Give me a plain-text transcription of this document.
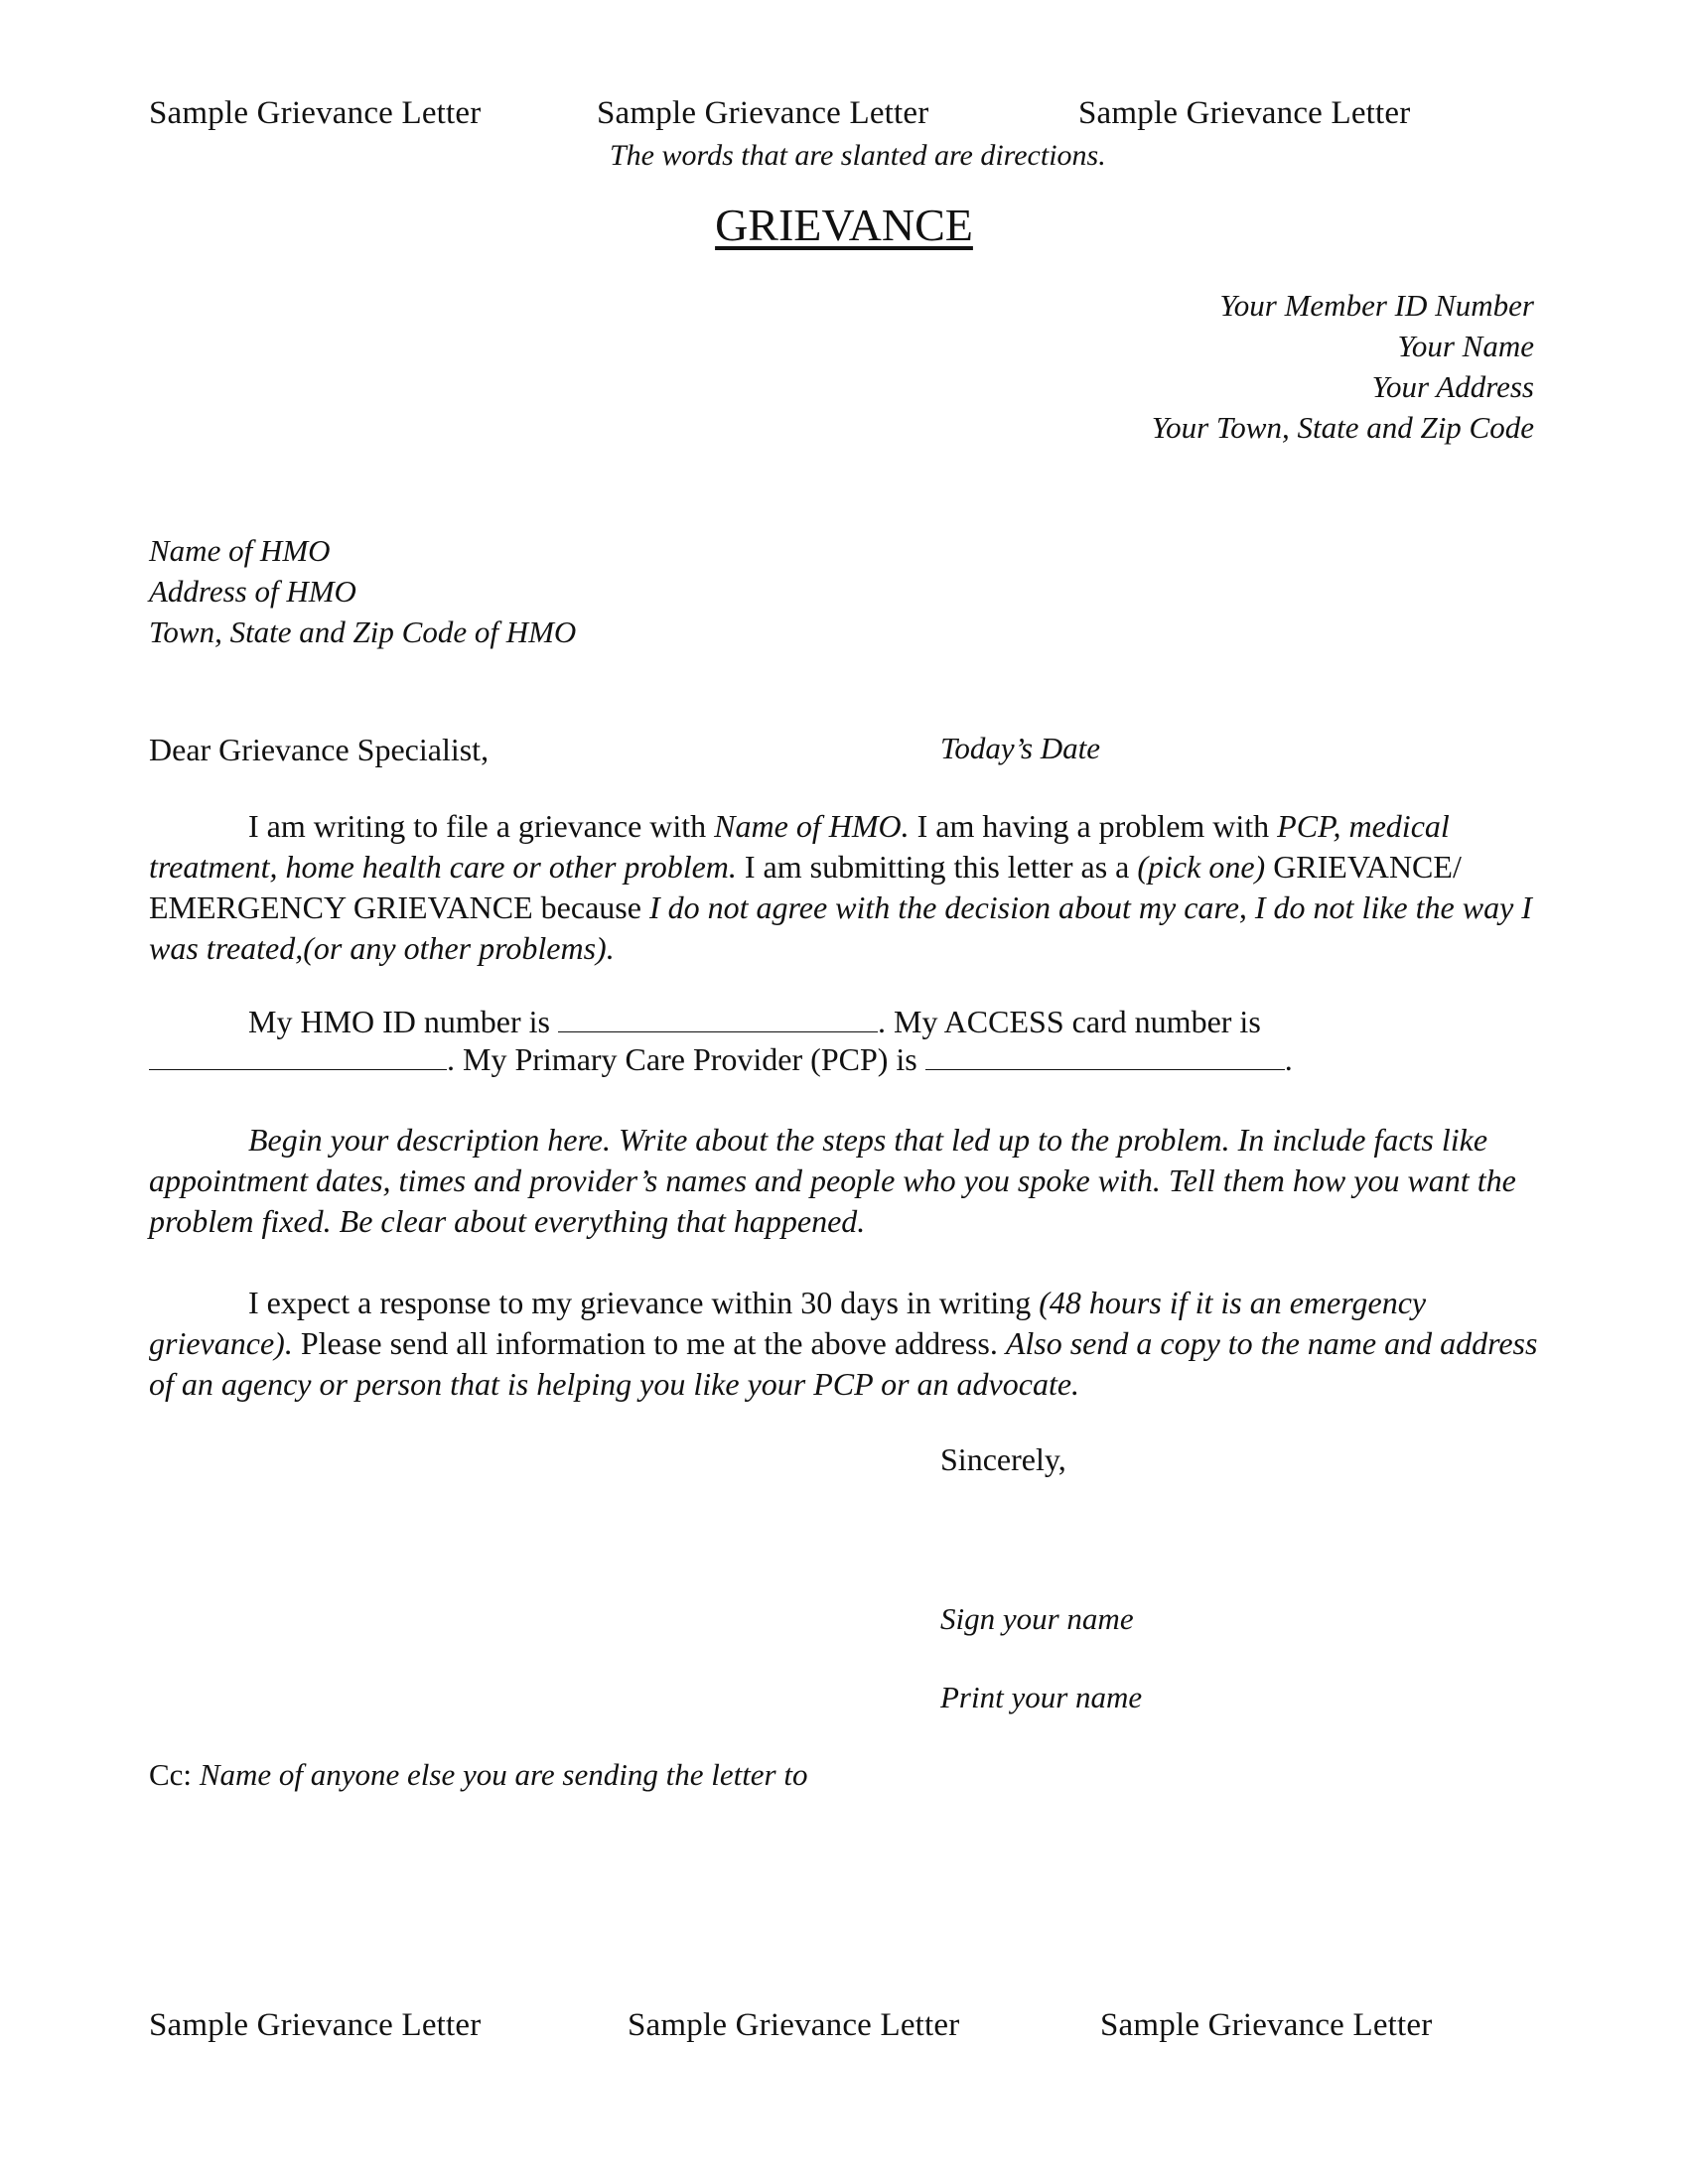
Sample Grievance Letter	Sample Grievance Letter	Sample Grievance Letter
The words that are slanted are directions.
GRIEVANCE
Your Member ID Number
Your Name
Your Address
Your Town, State and Zip Code
Name of HMO
Address of HMO
Town, State and Zip Code of HMO
Dear Grievance Specialist,	Today’s Date
I am writing to file a grievance with Name of HMO. I am having a problem with PCP, medical treatment, home health care or other problem. I am submitting this letter as a (pick one) GRIEVANCE/ EMERGENCY GRIEVANCE because I do not agree with the decision about my care, I do not like the way I was treated,(or any other problems).
My HMO ID number is	. My ACCESS card number is
. My Primary Care Provider (PCP) is	.
Begin your description here. Write about the steps that led up to the problem. In include facts like appointment dates, times and provider’s names and people who you spoke with. Tell them how you want the problem fixed. Be clear about everything that happened.
I expect a response to my grievance within 30 days in writing (48 hours if it is an emergency grievance). Please send all information to me at the above address. Also send a copy to the name and address of an agency or person that is helping you like your PCP or an advocate.
Sincerely,
Sign your name
Print your name
Cc: Name of anyone else you are sending the letter to
Sample Grievance Letter	Sample Grievance Letter	Sample Grievance Letter
